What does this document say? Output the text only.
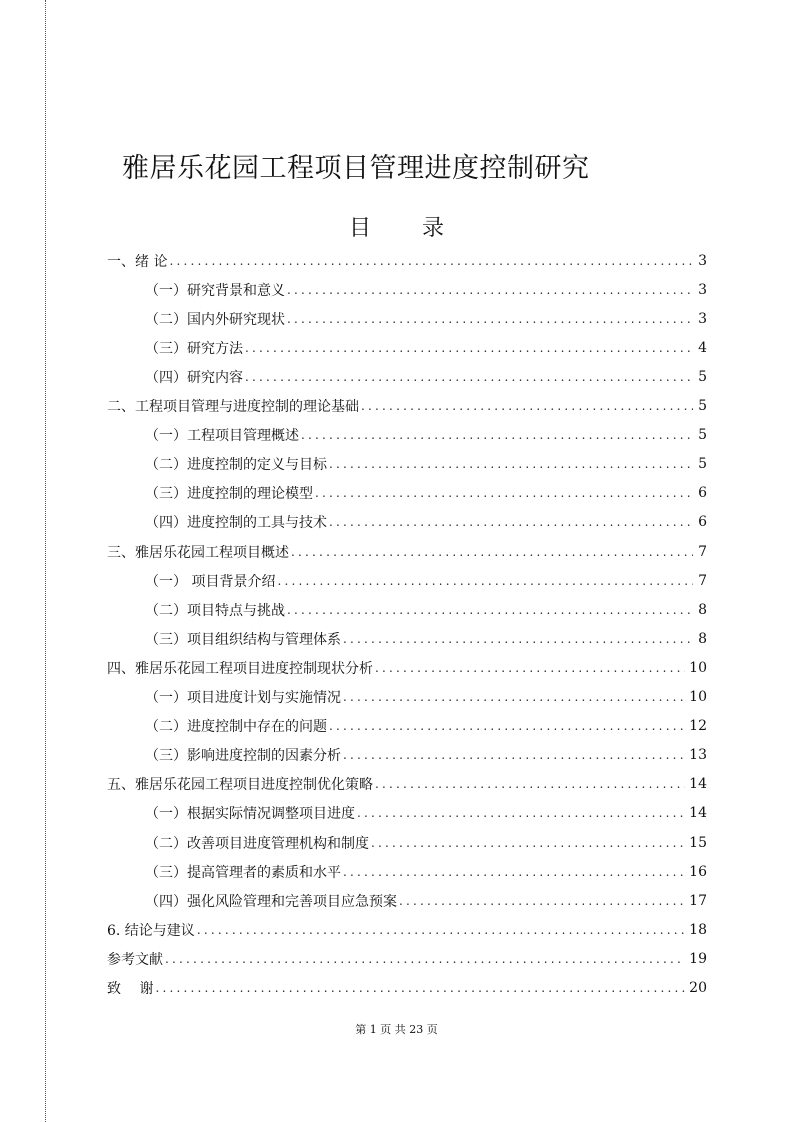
雅居乐花园工程项目管理进度控制研究
目 录
一、绪 论 .....	3
（一）研究背景和意义 .....	3
（二）国内外研究现状 .....	3
（三）研究方法 .....	4
（四）研究内容 .....	5
二、工程项目管理与进度控制的理论基础 .....	5
（一）工程项目管理概述 .....	5
（二）进度控制的定义与目标 .....	5
（三）进度控制的理论模型 .....	6
（四）进度控制的工具与技术 .....	6
三、雅居乐花园工程项目概述 .....	7
（一） 项目背景介绍 .....	7
（二）项目特点与挑战 .....	8
（三）项目组织结构与管理体系 .....	8
四、雅居乐花园工程项目进度控制现状分析 .....	10
（一）项目进度计划与实施情况 .....	10
（二）进度控制中存在的问题 .....	12
（三）影响进度控制的因素分析 .....	13
五、雅居乐花园工程项目进度控制优化策略 .....	14
（一）根据实际情况调整项目进度 .....	14
（二）改善项目进度管理机构和制度 .....	15
（三）提高管理者的素质和水平 .....	16
（四）强化风险管理和完善项目应急预案 .....	17
6. 结论与建议 .....	18
参考文献 .....	19
致　 谢 .....	20

第 1 页 共 23 页
